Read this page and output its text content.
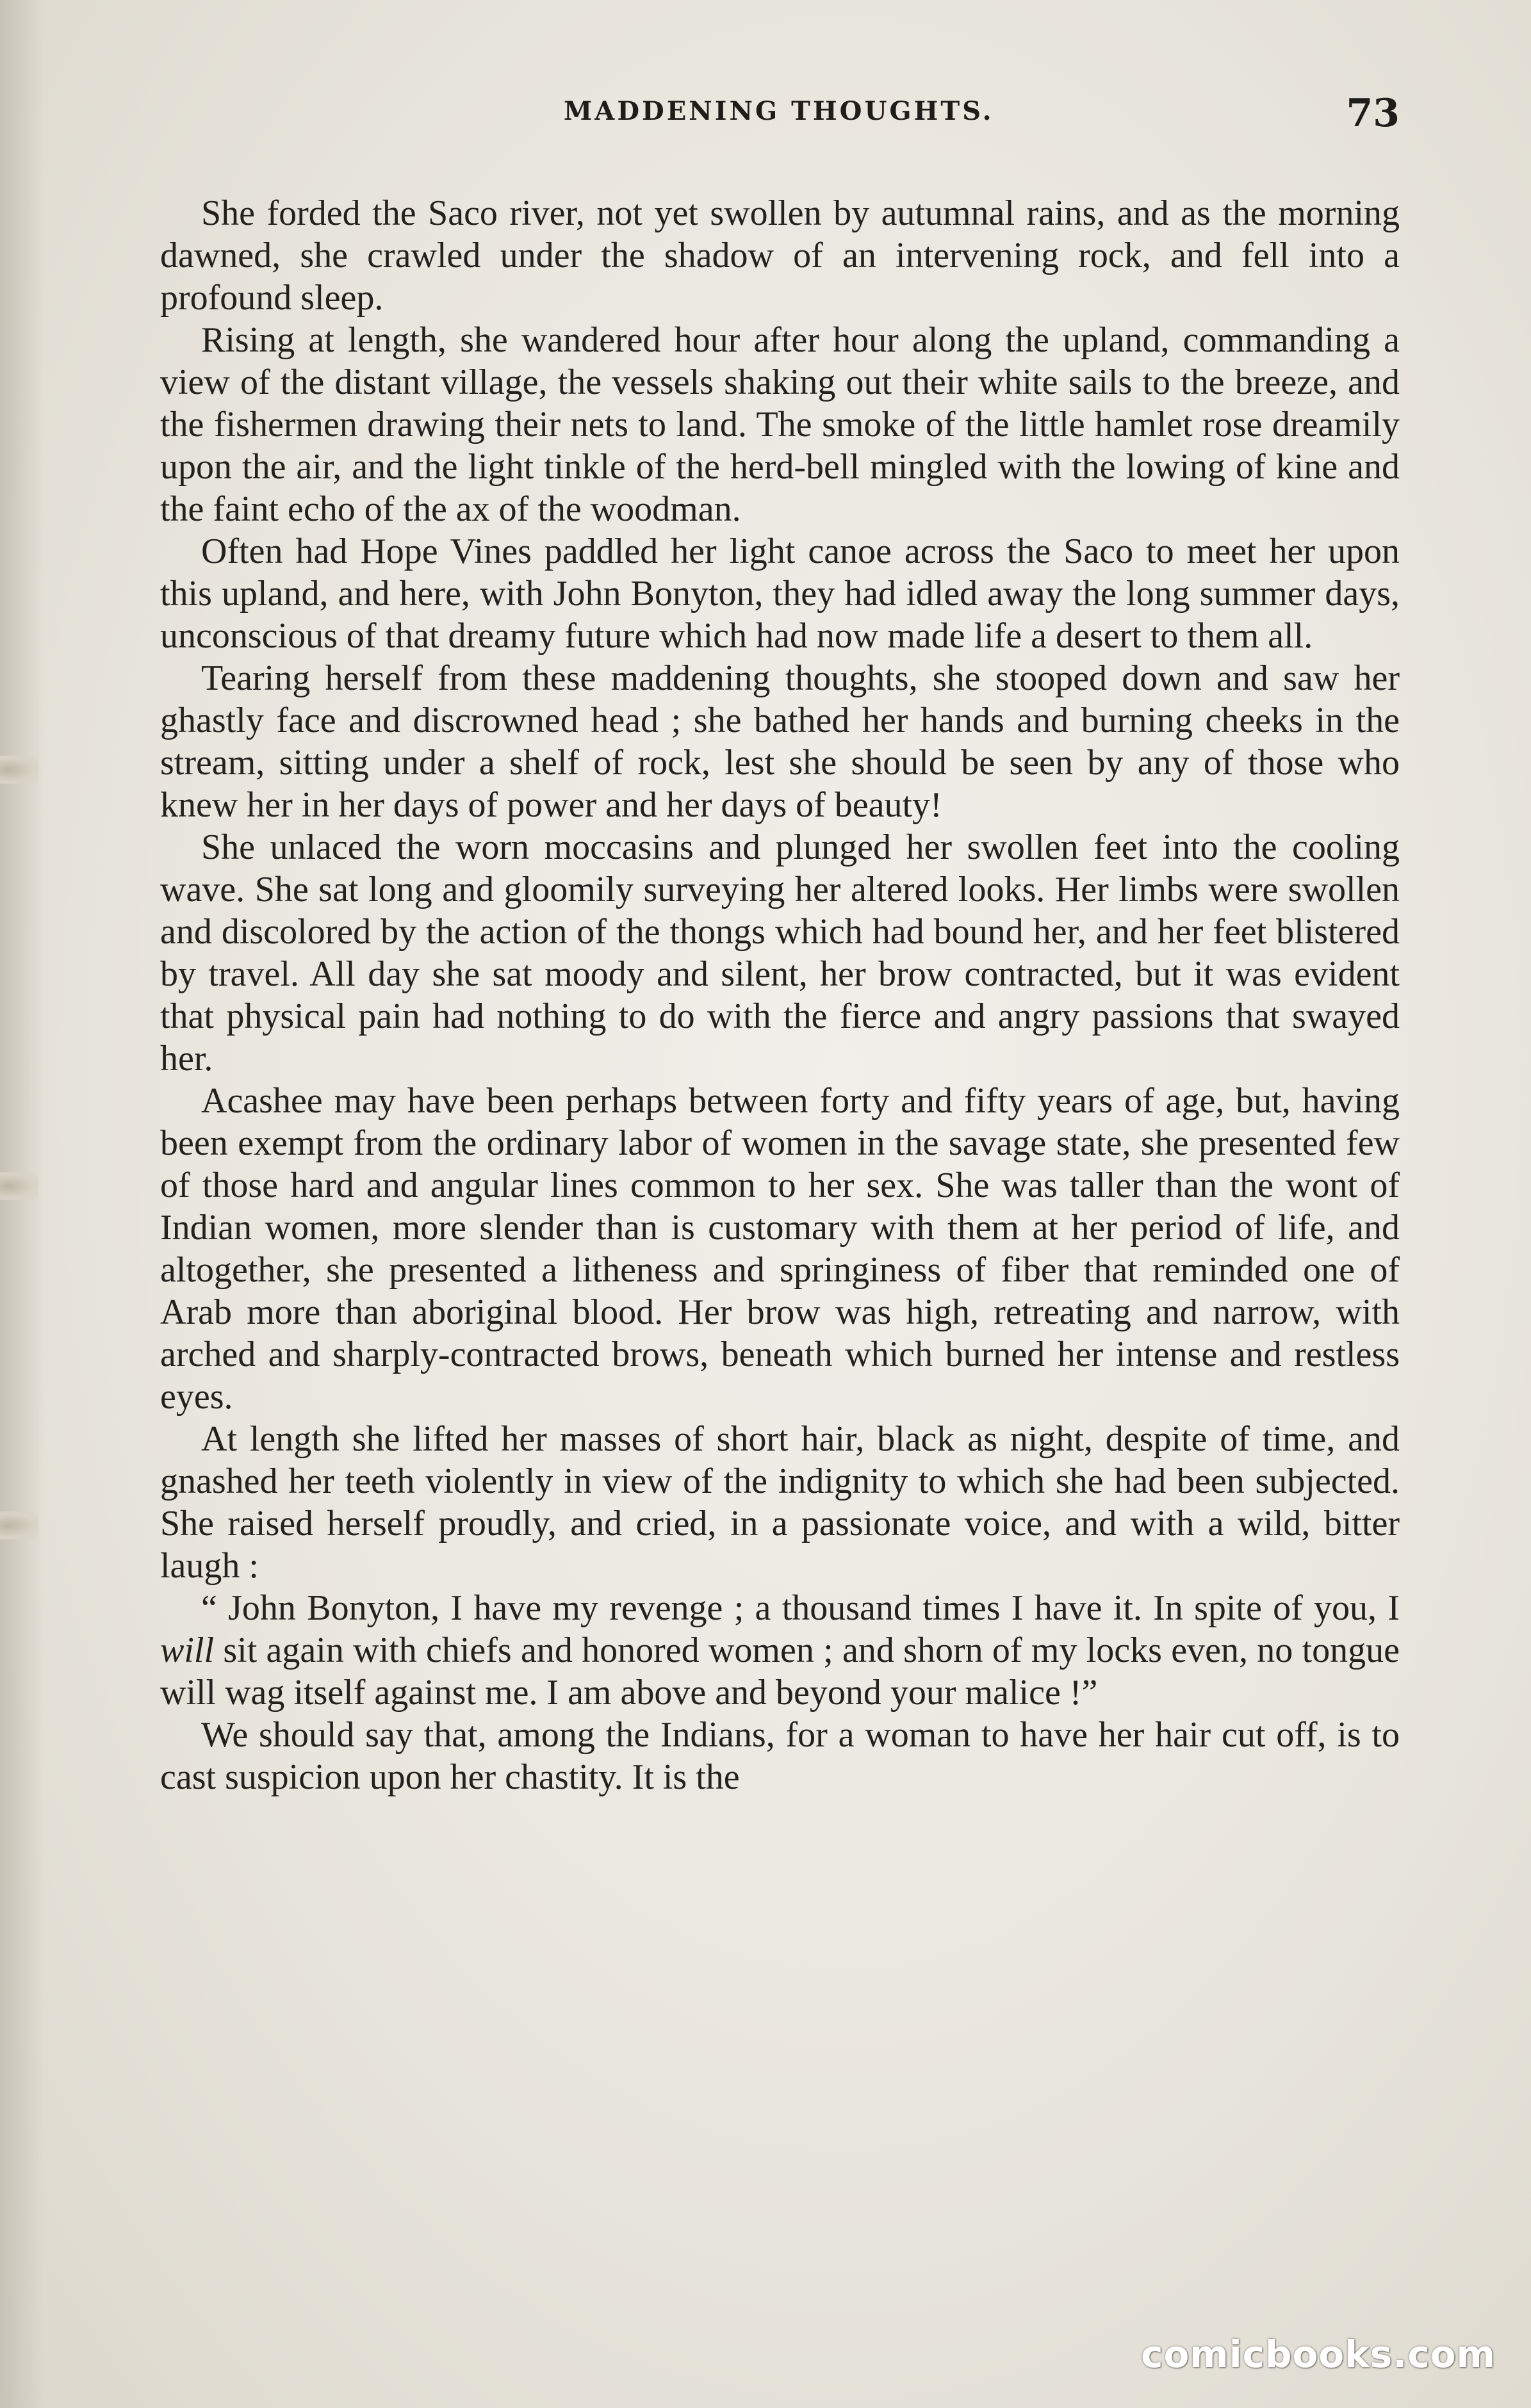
MADDENING THOUGHTS.	73

She forded the Saco river, not yet swollen by autumnal rains, and as the morning dawned, she crawled under the shadow of an intervening rock, and fell into a profound sleep.

Rising at length, she wandered hour after hour along the upland, commanding a view of the distant village, the vessels shaking out their white sails to the breeze, and the fishermen drawing their nets to land. The smoke of the little hamlet rose dreamily upon the air, and the light tinkle of the herd-bell mingled with the lowing of kine and the faint echo of the ax of the woodman.

Often had Hope Vines paddled her light canoe across the Saco to meet her upon this upland, and here, with John Bonyton, they had idled away the long summer days, unconscious of that dreamy future which had now made life a desert to them all.

Tearing herself from these maddening thoughts, she stooped down and saw her ghastly face and discrowned head ; she bathed her hands and burning cheeks in the stream, sitting under a shelf of rock, lest she should be seen by any of those who knew her in her days of power and her days of beauty!

She unlaced the worn moccasins and plunged her swollen feet into the cooling wave. She sat long and gloomily surveying her altered looks. Her limbs were swollen and discolored by the action of the thongs which had bound her, and her feet blistered by travel. All day she sat moody and silent, her brow contracted, but it was evident that physical pain had nothing to do with the fierce and angry passions that swayed her.

Acashee may have been perhaps between forty and fifty years of age, but, having been exempt from the ordinary labor of women in the savage state, she presented few of those hard and angular lines common to her sex. She was taller than the wont of Indian women, more slender than is customary with them at her period of life, and altogether, she presented a litheness and springiness of fiber that reminded one of Arab more than aboriginal blood. Her brow was high, retreating and narrow, with arched and sharply-contracted brows, beneath which burned her intense and restless eyes.

At length she lifted her masses of short hair, black as night, despite of time, and gnashed her teeth violently in view of the indignity to which she had been subjected. She raised herself proudly, and cried, in a passionate voice, and with a wild, bitter laugh :

“ John Bonyton, I have my revenge ; a thousand times I have it. In spite of you, I will sit again with chiefs and honored women ; and shorn of my locks even, no tongue will wag itself against me. I am above and beyond your malice !”

We should say that, among the Indians, for a woman to have her hair cut off, is to cast suspicion upon her chastity. It is the

comicbooks.com
